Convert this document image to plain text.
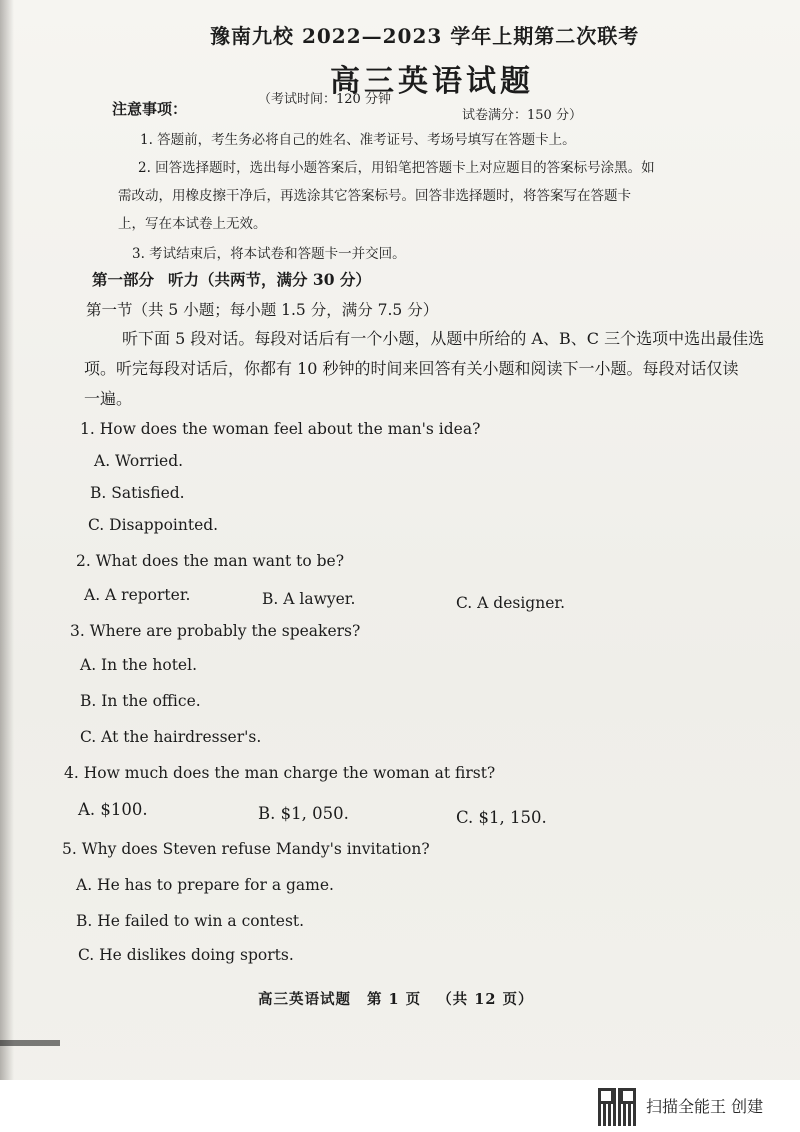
豫南九校 2022—2023 学年上期第二次联考
高三英语试题
（考试时间：120 分钟
试卷满分：150 分）
注意事项：
1. 答题前，考生务必将自己的姓名、准考证号、考场号填写在答题卡上。
2. 回答选择题时，选出每小题答案后，用铅笔把答题卡上对应题目的答案标号涂黑。如
需改动，用橡皮擦干净后，再选涂其它答案标号。回答非选择题时，将答案写在答题卡
上，写在本试卷上无效。
3. 考试结束后，将本试卷和答题卡一并交回。
第一部分 听力（共两节，满分 30 分）
第一节（共 5 小题；每小题 1.5 分，满分 7.5 分）
听下面 5 段对话。每段对话后有一个小题，从题中所给的 A、B、C 三个选项中选出最佳选
项。听完每段对话后，你都有 10 秒钟的时间来回答有关小题和阅读下一小题。每段对话仅读
一遍。
1. How does the woman feel about the man's idea?
A. Worried.
B. Satisfied.
C. Disappointed.
2. What does the man want to be?
A. A reporter.	B. A lawyer.	C. A designer.
3. Where are probably the speakers?
A. In the hotel.
B. In the office.
C. At the hairdresser's.
4. How much does the man charge the woman at first?
A. $100.	B. $1, 050.	C. $1, 150.
5. Why does Steven refuse Mandy's invitation?
A. He has to prepare for a game.
B. He failed to win a contest.
C. He dislikes doing sports.
高三英语试题 第 1 页 （共 12 页）
扫描全能王 创建
